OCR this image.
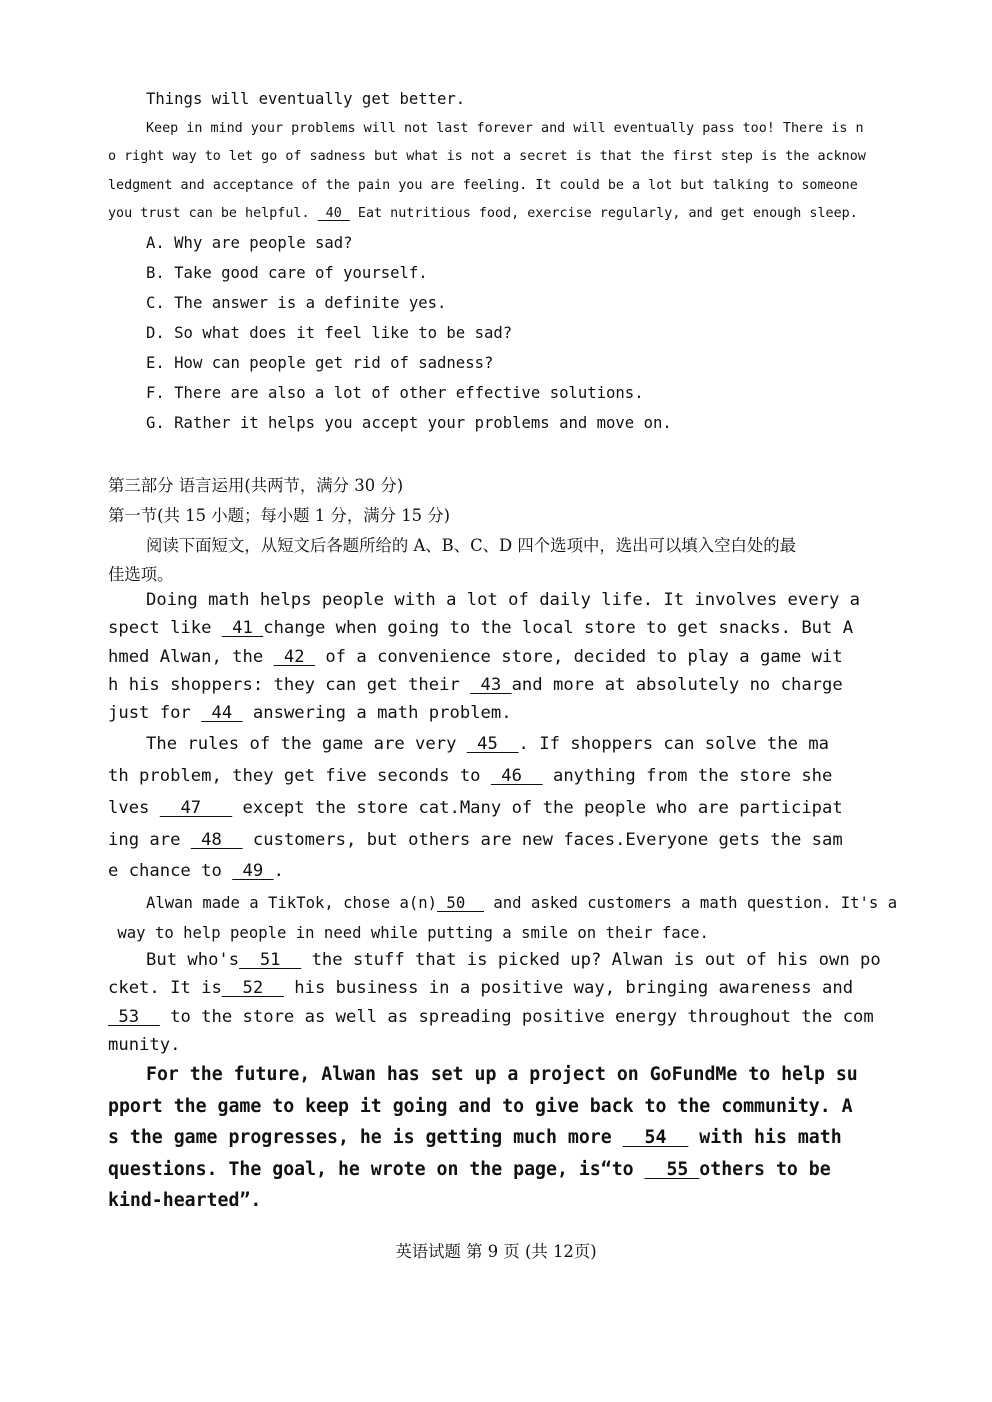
Things will eventually get better.
Keep in mind your problems will not last forever and will eventually pass too! There is n
o right way to let go of sadness but what is not a secret is that the first step is the acknow
ledgment and acceptance of the pain you are feeling. It could be a lot but talking to someone
you trust can be helpful.  40  Eat nutritious food, exercise regularly, and get enough sleep.
A. Why are people sad?
B. Take good care of yourself.
C. The answer is a definite yes.
D. So what does it feel like to be sad?
E. How can people get rid of sadness?
F. There are also a lot of other effective solutions.
G. Rather it helps you accept your problems and move on.
第三部分 语言运用(共两节，满分 30 分)
第一节(共 15 小题；每小题 1 分，满分 15 分)
阅读下面短文，从短文后各题所给的 A、B、C、D 四个选项中，选出可以填入空白处的最
佳选项。
Doing math helps people with a lot of daily life. It involves every a
spect like  41 change when going to the local store to get snacks. But A
hmed Alwan, the  42  of a convenience store, decided to play a game wit
h his shoppers: they can get their  43 and more at absolutely no charge
just for  44  answering a math problem.
The rules of the game are very  45  . If shoppers can solve the ma
th problem, they get five seconds to  46   anything from the store she
lves   47    except the store cat.Many of the people who are participat
ing are  48   customers, but others are new faces.Everyone gets the sam
e chance to  49 .
Alwan made a TikTok, chose a(n) 50   and asked customers a math question. It's a
way to help people in need while putting a smile on their face.
But who's  51   the stuff that is picked up? Alwan is out of his own po
cket. It is  52   his business in a positive way, bringing awareness and
53   to the store as well as spreading positive energy throughout the com
munity.
For the future, Alwan has set up a project on GoFundMe to help su
pport the game to keep it going and to give back to the community. A
s the game progresses, he is getting much more   54   with his math
questions. The goal, he wrote on the page, is“to   55 others to be
kind-hearted”.
英语试题 第 9 页 (共 12页)
